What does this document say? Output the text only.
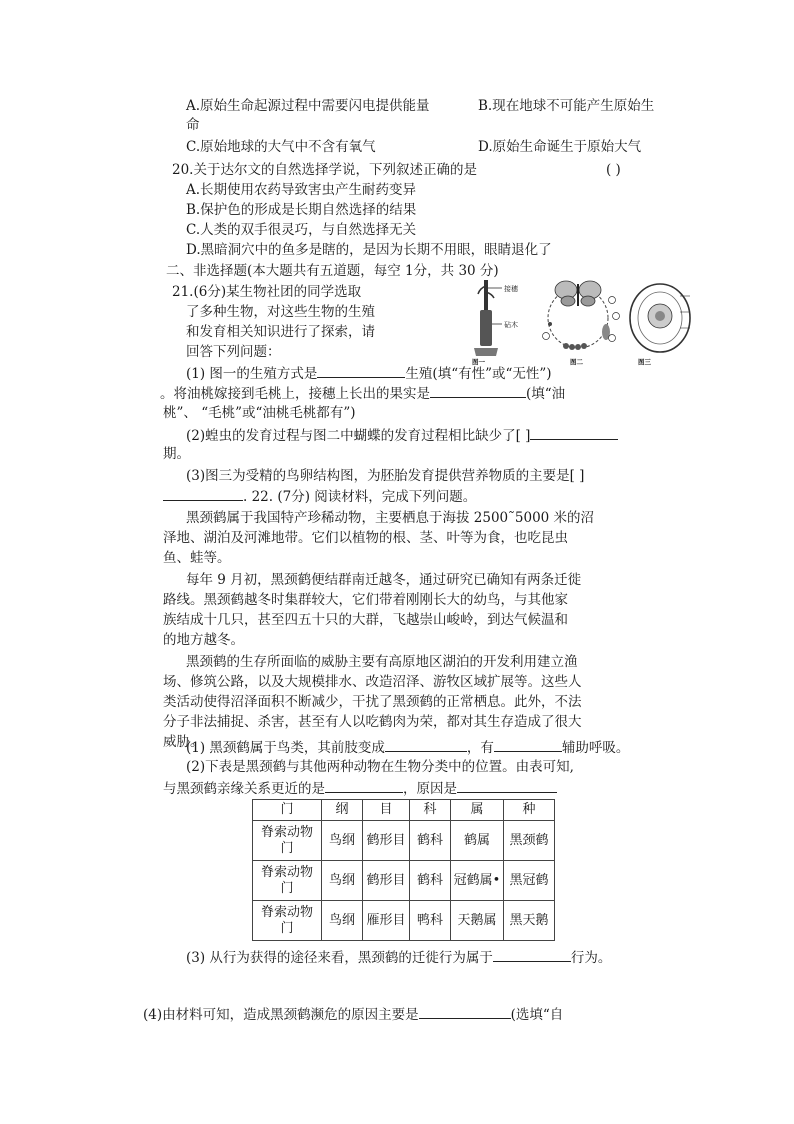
A.原始生命起源过程中需要闪电提供能量	B.现在地球不可能产生原始生
命
C.原始地球的大气中不含有氧气	D.原始生命诞生于原始大气
20.关于达尔文的自然选择学说，下列叙述正确的是	( )
A.长期使用农药导致害虫产生耐药变异
B.保护色的形成是长期自然选择的结果
C.人类的双手很灵巧，与自然选择无关
D.黑暗洞穴中的鱼多是瞎的，是因为长期不用眼，眼睛退化了
二、非选择题(本大题共有五道题，每空 1分，共 30 分)
21.(6分)某生物社团的同学选取
了多种生物，对这些生物的生殖
和发育相关知识进行了探索，请
回答下列问题：
接穗
砧木
图一	图二	图三
(1) 图一的生殖方式是	生殖(填“有性”或“无性”)
。将油桃嫁接到毛桃上，接穗上长出的果实是	(填“油
桃”、 “毛桃”或“油桃毛桃都有”)
(2)蝗虫的发育过程与图二中蝴蝶的发育过程相比缺少了[ ]
期。
(3)图三为受精的鸟卵结构图，为胚胎发育提供营养物质的主要是[ ]
. 22. (7分) 阅读材料，完成下列问题。
黑颈鹤属于我国特产珍稀动物，主要栖息于海拔 2500˜5000 米的沼
泽地、湖泊及河滩地带。它们以植物的根、茎、叶等为食，也吃昆虫
鱼、蛙等。
每年 9 月初，黑颈鹤便结群南迁越冬，通过研究已确知有两条迁徙
路线。黑颈鹤越冬时集群较大，它们带着刚刚长大的幼鸟，与其他家
族结成十几只，甚至四五十只的大群，飞越崇山峻岭，到达气候温和
的地方越冬。
黑颈鹤的生存所面临的威胁主要有高原地区湖泊的开发利用建立渔
场、修筑公路，以及大规模排水、改造沼泽、游牧区域扩展等。这些人
类活动使得沼泽面积不断减少，干扰了黑颈鹤的正常栖息。此外，不法
分子非法捕捉、杀害，甚至有人以吃鹤肉为荣，都对其生存造成了很大
威胁。
(1) 黑颈鹤属于鸟类，其前肢变成	，有	辅助呼吸。
(2)下表是黑颈鹤与其他两种动物在生物分类中的位置。由表可知,
门	纲	目	科	属	种
脊索动物门	鸟纲	鹤形目	鹤科	鹤属	黑颈鹤
脊索动物门	鸟纲	鹤形目	鹤科	冠鹤属•	黑冠鹤
脊索动物门	鸟纲	雁形目	鸭科	天鹅属	黑天鹅
(3) 从行为获得的途径来看，黑颈鹤的迁徙行为属于	行为。
(4)由材料可知，造成黑颈鹤濒危的原因主要是	(选填“自
与黑颈鹤亲缘关系更近的是	，原因是
